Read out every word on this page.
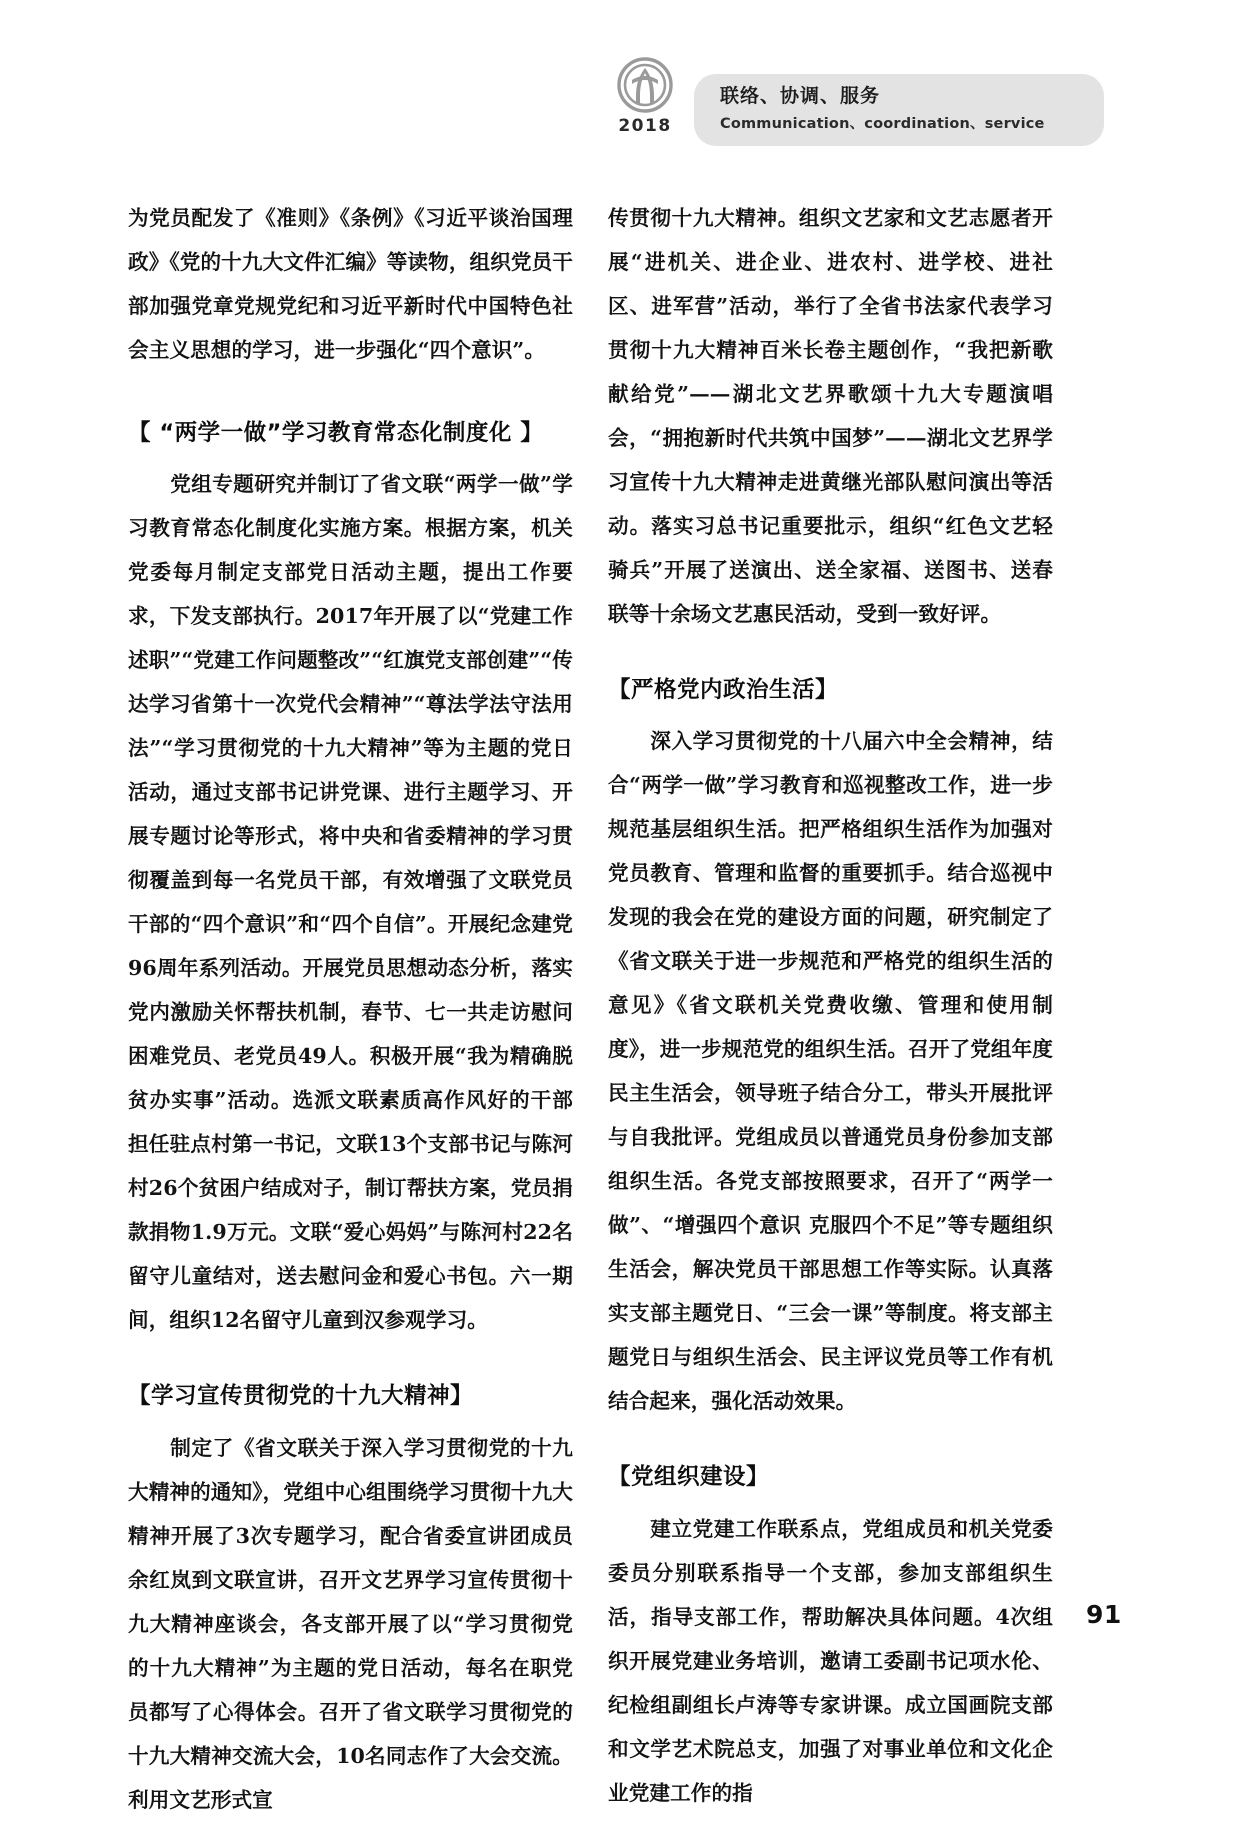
2018
联络、协调、服务
Communication、coordination、service

为党员配发了《准则》《条例》《习近平谈治国理政》《党的十九大文件汇编》等读物，组织党员干部加强党章党规党纪和习近平新时代中国特色社会主义思想的学习，进一步强化“四个意识”。

【 “两学一做”学习教育常态化制度化 】

党组专题研究并制订了省文联“两学一做”学习教育常态化制度化实施方案。根据方案，机关党委每月制定支部党日活动主题，提出工作要求，下发支部执行。2017年开展了以“党建工作述职”“党建工作问题整改”“红旗党支部创建”“传达学习省第十一次党代会精神”“尊法学法守法用法”“学习贯彻党的十九大精神”等为主题的党日活动，通过支部书记讲党课、进行主题学习、开展专题讨论等形式，将中央和省委精神的学习贯彻覆盖到每一名党员干部，有效增强了文联党员干部的“四个意识”和“四个自信”。开展纪念建党96周年系列活动。开展党员思想动态分析，落实党内激励关怀帮扶机制，春节、七一共走访慰问困难党员、老党员49人。积极开展“我为精确脱贫办实事”活动。选派文联素质高作风好的干部担任驻点村第一书记，文联13个支部书记与陈河村26个贫困户结成对子，制订帮扶方案，党员捐款捐物1.9万元。文联“爱心妈妈”与陈河村22名留守儿童结对，送去慰问金和爱心书包。六一期间，组织12名留守儿童到汉参观学习。

【学习宣传贯彻党的十九大精神】

制定了《省文联关于深入学习贯彻党的十九大精神的通知》，党组中心组围绕学习贯彻十九大精神开展了3次专题学习，配合省委宣讲团成员余红岚到文联宣讲，召开文艺界学习宣传贯彻十九大精神座谈会，各支部开展了以“学习贯彻党的十九大精神”为主题的党日活动，每名在职党员都写了心得体会。召开了省文联学习贯彻党的十九大精神交流大会，10名同志作了大会交流。利用文艺形式宣

传贯彻十九大精神。组织文艺家和文艺志愿者开展“进机关、进企业、进农村、进学校、进社区、进军营”活动，举行了全省书法家代表学习贯彻十九大精神百米长卷主题创作，“我把新歌献给党”——湖北文艺界歌颂十九大专题演唱会，“拥抱新时代共筑中国梦”——湖北文艺界学习宣传十九大精神走进黄继光部队慰问演出等活动。落实习总书记重要批示，组织“红色文艺轻骑兵”开展了送演出、送全家福、送图书、送春联等十余场文艺惠民活动，受到一致好评。

【严格党内政治生活】

深入学习贯彻党的十八届六中全会精神，结合“两学一做”学习教育和巡视整改工作，进一步规范基层组织生活。把严格组织生活作为加强对党员教育、管理和监督的重要抓手。结合巡视中发现的我会在党的建设方面的问题，研究制定了《省文联关于进一步规范和严格党的组织生活的意见》《省文联机关党费收缴、管理和使用制度》，进一步规范党的组织生活。召开了党组年度民主生活会，领导班子结合分工，带头开展批评与自我批评。党组成员以普通党员身份参加支部组织生活。各党支部按照要求，召开了“两学一做”、“增强四个意识 克服四个不足”等专题组织生活会，解决党员干部思想工作等实际。认真落实支部主题党日、“三会一课”等制度。将支部主题党日与组织生活会、民主评议党员等工作有机结合起来，强化活动效果。

【党组织建设】

建立党建工作联系点，党组成员和机关党委委员分别联系指导一个支部，参加支部组织生活，指导支部工作，帮助解决具体问题。4次组织开展党建业务培训，邀请工委副书记项水伦、纪检组副组长卢涛等专家讲课。成立国画院支部和文学艺术院总支，加强了对事业单位和文化企业党建工作的指

91
